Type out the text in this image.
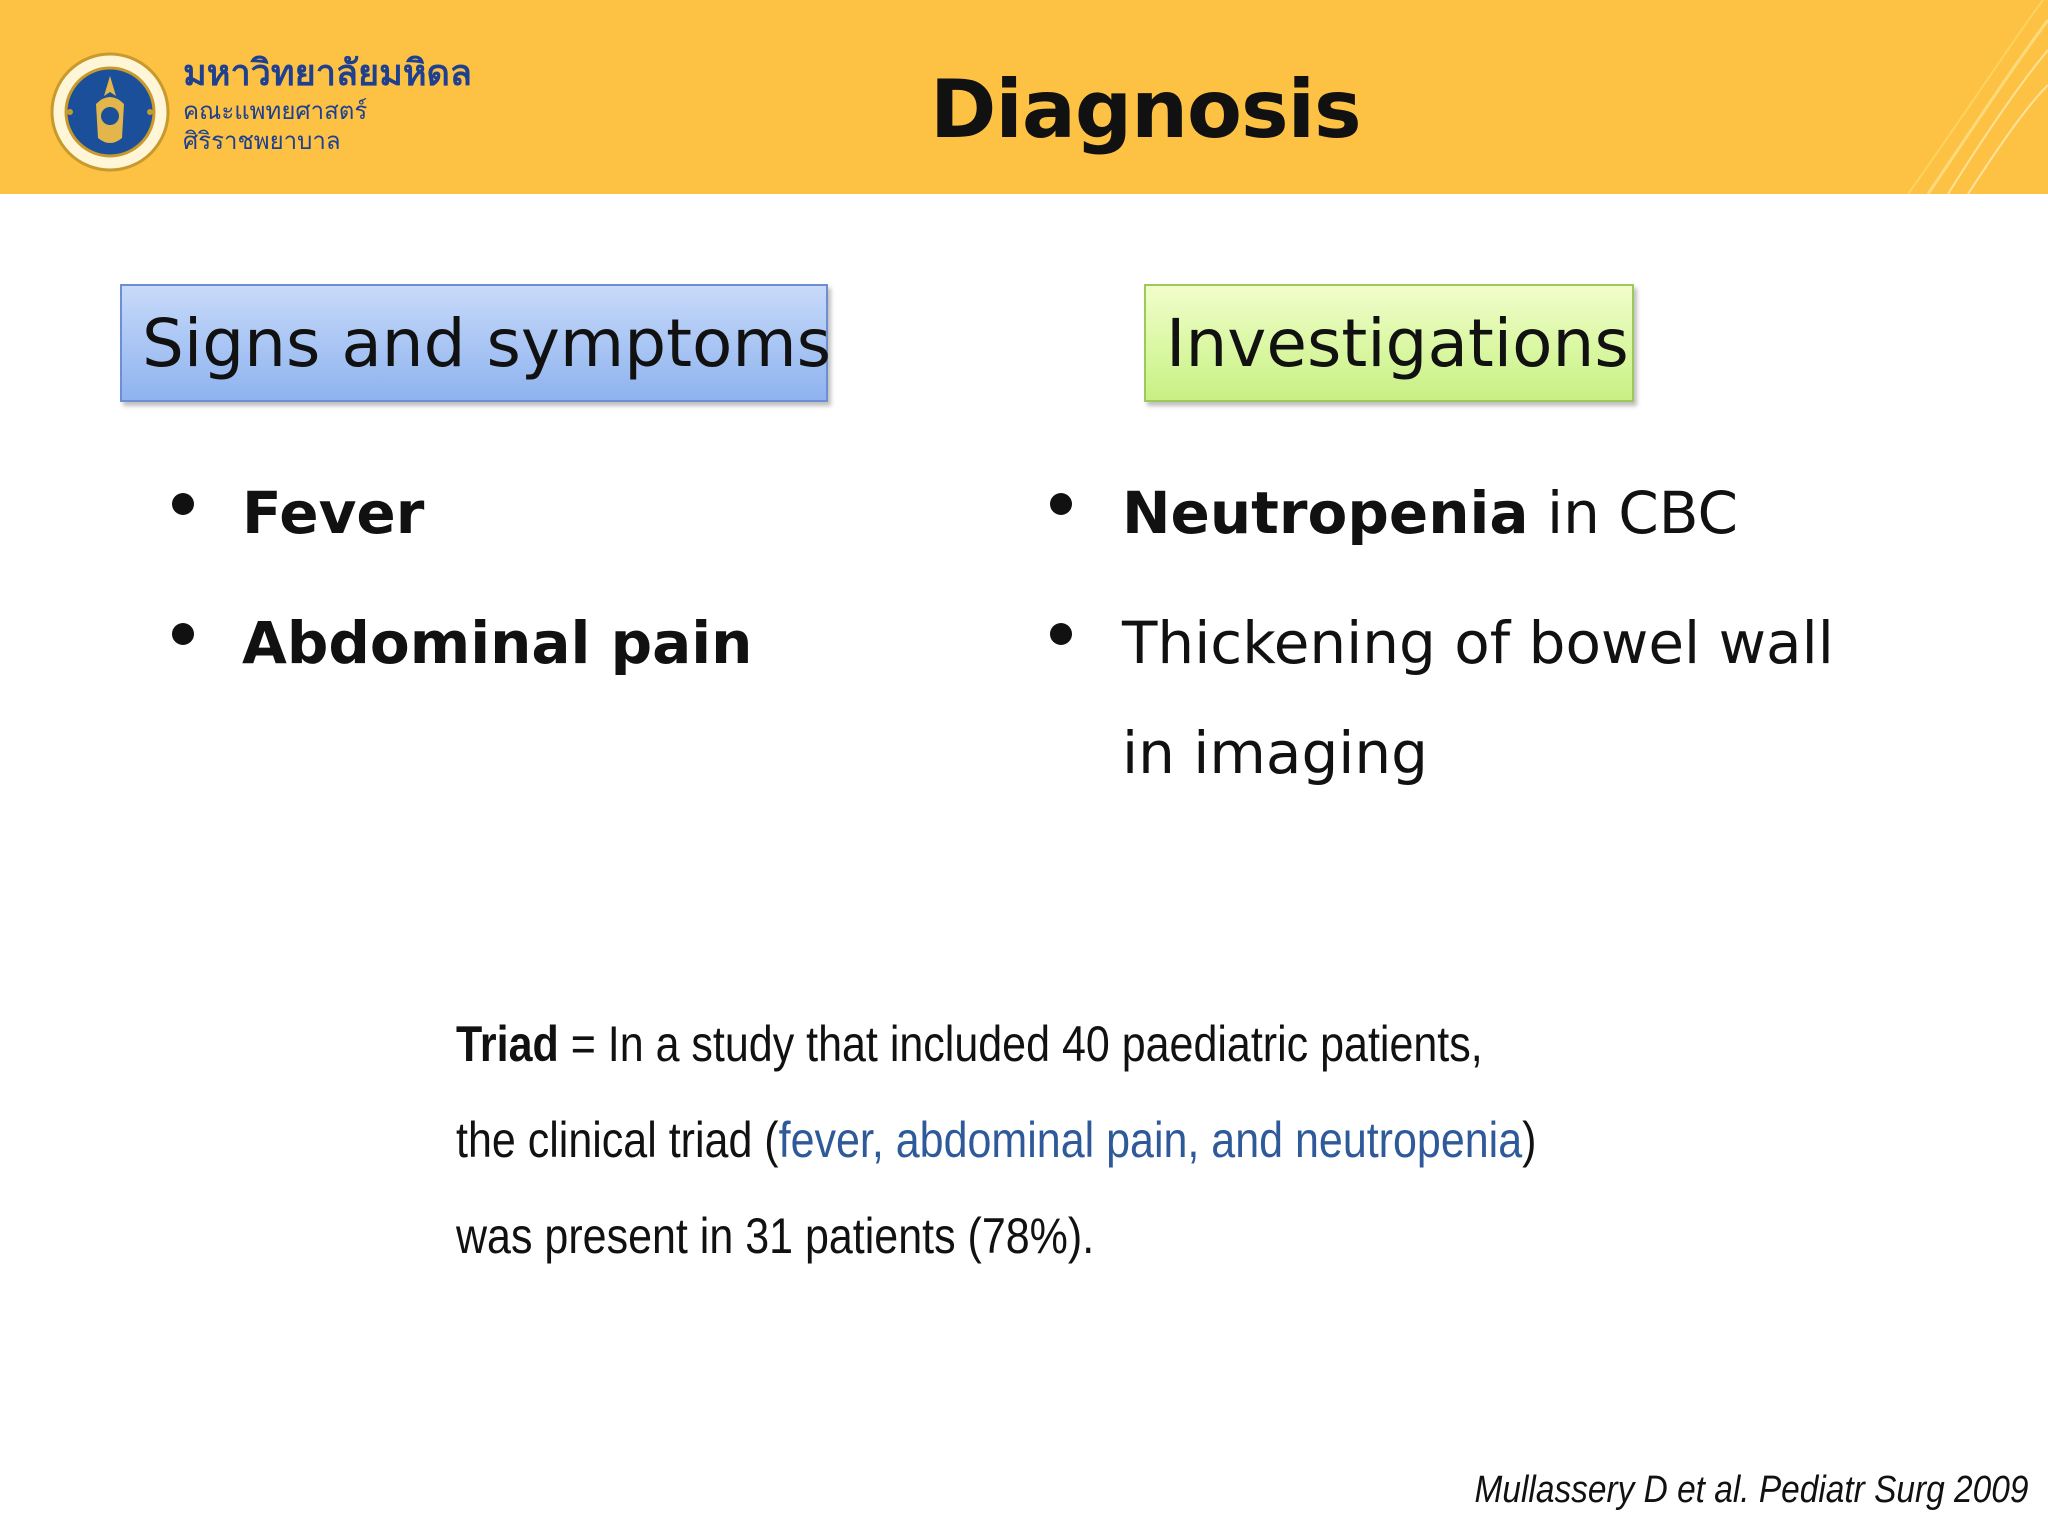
มหาวิทยาลัยมหิดล
คณะแพทยศาสตร์
ศิริราชพยาบาล	Diagnosis
Signs and symptoms	Investigations
Fever
Abdominal pain
Neutropenia in CBC
Thickening of bowel wall
in imaging
Triad = In a study that included 40 paediatric patients,
the clinical triad (fever, abdominal pain, and neutropenia)
was present in 31 patients (78%).
Mullassery D et al. Pediatr Surg 2009
